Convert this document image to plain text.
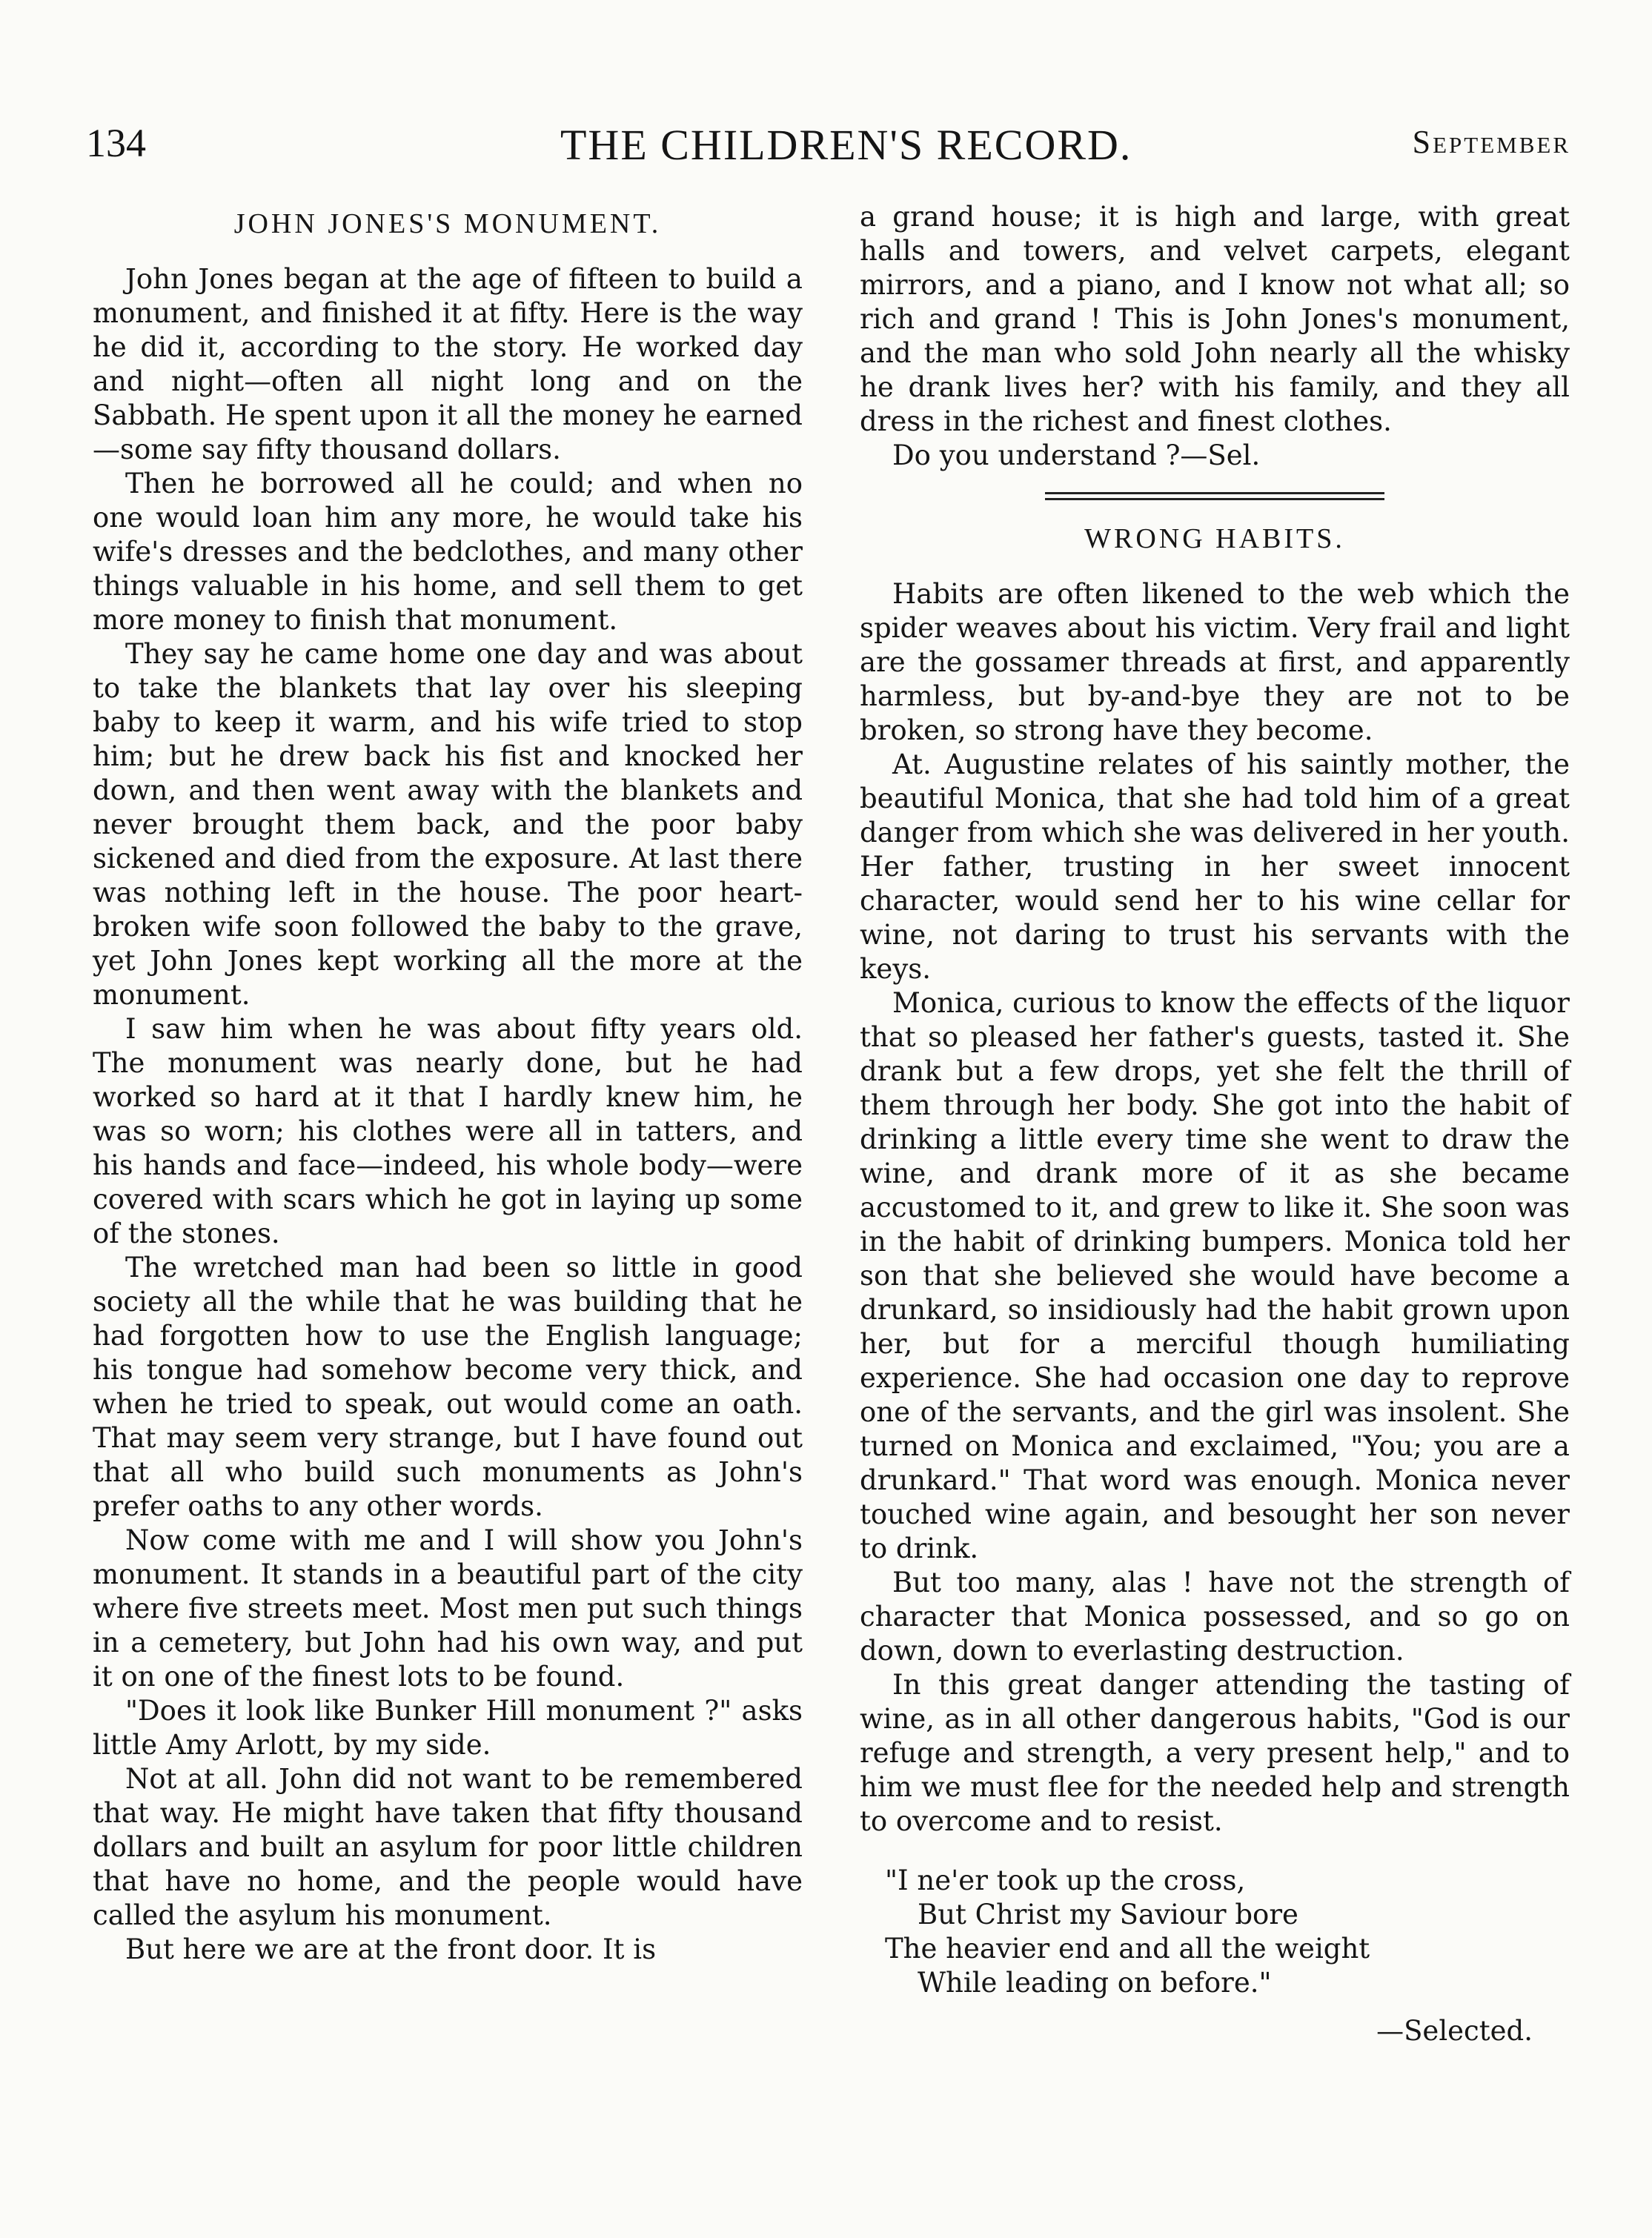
134	THE CHILDREN'S RECORD.	September
JOHN JONES'S MONUMENT.

John Jones began at the age of fifteen to build a monument, and finished it at fifty. Here is the way he did it, according to the story. He worked day and night—often all night long and on the Sabbath. He spent upon it all the money he earned—some say fifty thousand dollars.

Then he borrowed all he could; and when no one would loan him any more, he would take his wife's dresses and the bedclothes, and many other things valuable in his home, and sell them to get more money to finish that monument.

They say he came home one day and was about to take the blankets that lay over his sleeping baby to keep it warm, and his wife tried to stop him; but he drew back his fist and knocked her down, and then went away with the blankets and never brought them back, and the poor baby sickened and died from the exposure. At last there was nothing left in the house. The poor heart-broken wife soon followed the baby to the grave, yet John Jones kept working all the more at the monument.

I saw him when he was about fifty years old. The monument was nearly done, but he had worked so hard at it that I hardly knew him, he was so worn; his clothes were all in tatters, and his hands and face—indeed, his whole body—were covered with scars which he got in laying up some of the stones.

The wretched man had been so little in good society all the while that he was building that he had forgotten how to use the English language; his tongue had somehow become very thick, and when he tried to speak, out would come an oath. That may seem very strange, but I have found out that all who build such monuments as John's prefer oaths to any other words.

Now come with me and I will show you John's monument. It stands in a beautiful part of the city where five streets meet. Most men put such things in a cemetery, but John had his own way, and put it on one of the finest lots to be found.

"Does it look like Bunker Hill monument ?" asks little Amy Arlott, by my side.

Not at all. John did not want to be remembered that way. He might have taken that fifty thousand dollars and built an asylum for poor little children that have no home, and the people would have called the asylum his monument.

But here we are at the front door. It is

a grand house; it is high and large, with great halls and towers, and velvet carpets, elegant mirrors, and a piano, and I know not what all; so rich and grand ! This is John Jones's monument, and the man who sold John nearly all the whisky he drank lives her? with his family, and they all dress in the richest and finest clothes.

Do you understand ?—Sel.

WRONG HABITS.

Habits are often likened to the web which the spider weaves about his victim. Very frail and light are the gossamer threads at first, and apparently harmless, but by-and-bye they are not to be broken, so strong have they become.

At. Augustine relates of his saintly mother, the beautiful Monica, that she had told him of a great danger from which she was delivered in her youth. Her father, trusting in her sweet innocent character, would send her to his wine cellar for wine, not daring to trust his servants with the keys.

Monica, curious to know the effects of the liquor that so pleased her father's guests, tasted it. She drank but a few drops, yet she felt the thrill of them through her body. She got into the habit of drinking a little every time she went to draw the wine, and drank more of it as she became accustomed to it, and grew to like it. She soon was in the habit of drinking bumpers. Monica told her son that she believed she would have become a drunkard, so insidiously had the habit grown upon her, but for a merciful though humiliating experience. She had occasion one day to reprove one of the servants, and the girl was insolent. She turned on Monica and exclaimed, "You; you are a drunkard." That word was enough. Monica never touched wine again, and besought her son never to drink.

But too many, alas ! have not the strength of character that Monica possessed, and so go on down, down to everlasting destruction.

In this great danger attending the tasting of wine, as in all other dangerous habits, "God is our refuge and strength, a very present help," and to him we must flee for the needed help and strength to overcome and to resist.

"I ne'er took up the cross,
But Christ my Saviour bore
The heavier end and all the weight
While leading on before."
—Selected.
